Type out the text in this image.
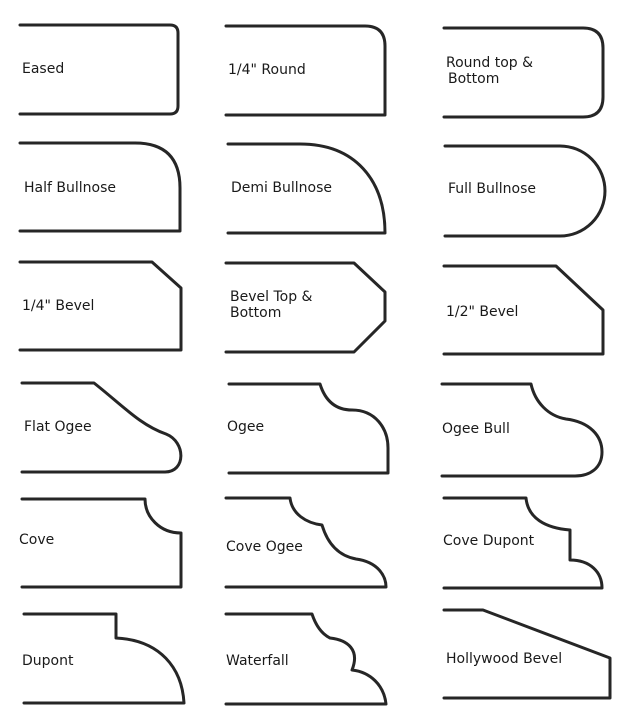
Eased	1/4" Round	Round top & Bottom
Half Bullnose	Demi Bullnose	Full Bullnose
1/4" Bevel
Bevel Top & Bottom	1/2" Bevel
Flat Ogee	Ogee	Ogee Bull
Cove	Cove Ogee	Cove Dupont
Dupont	Waterfall	Hollywood Bevel
